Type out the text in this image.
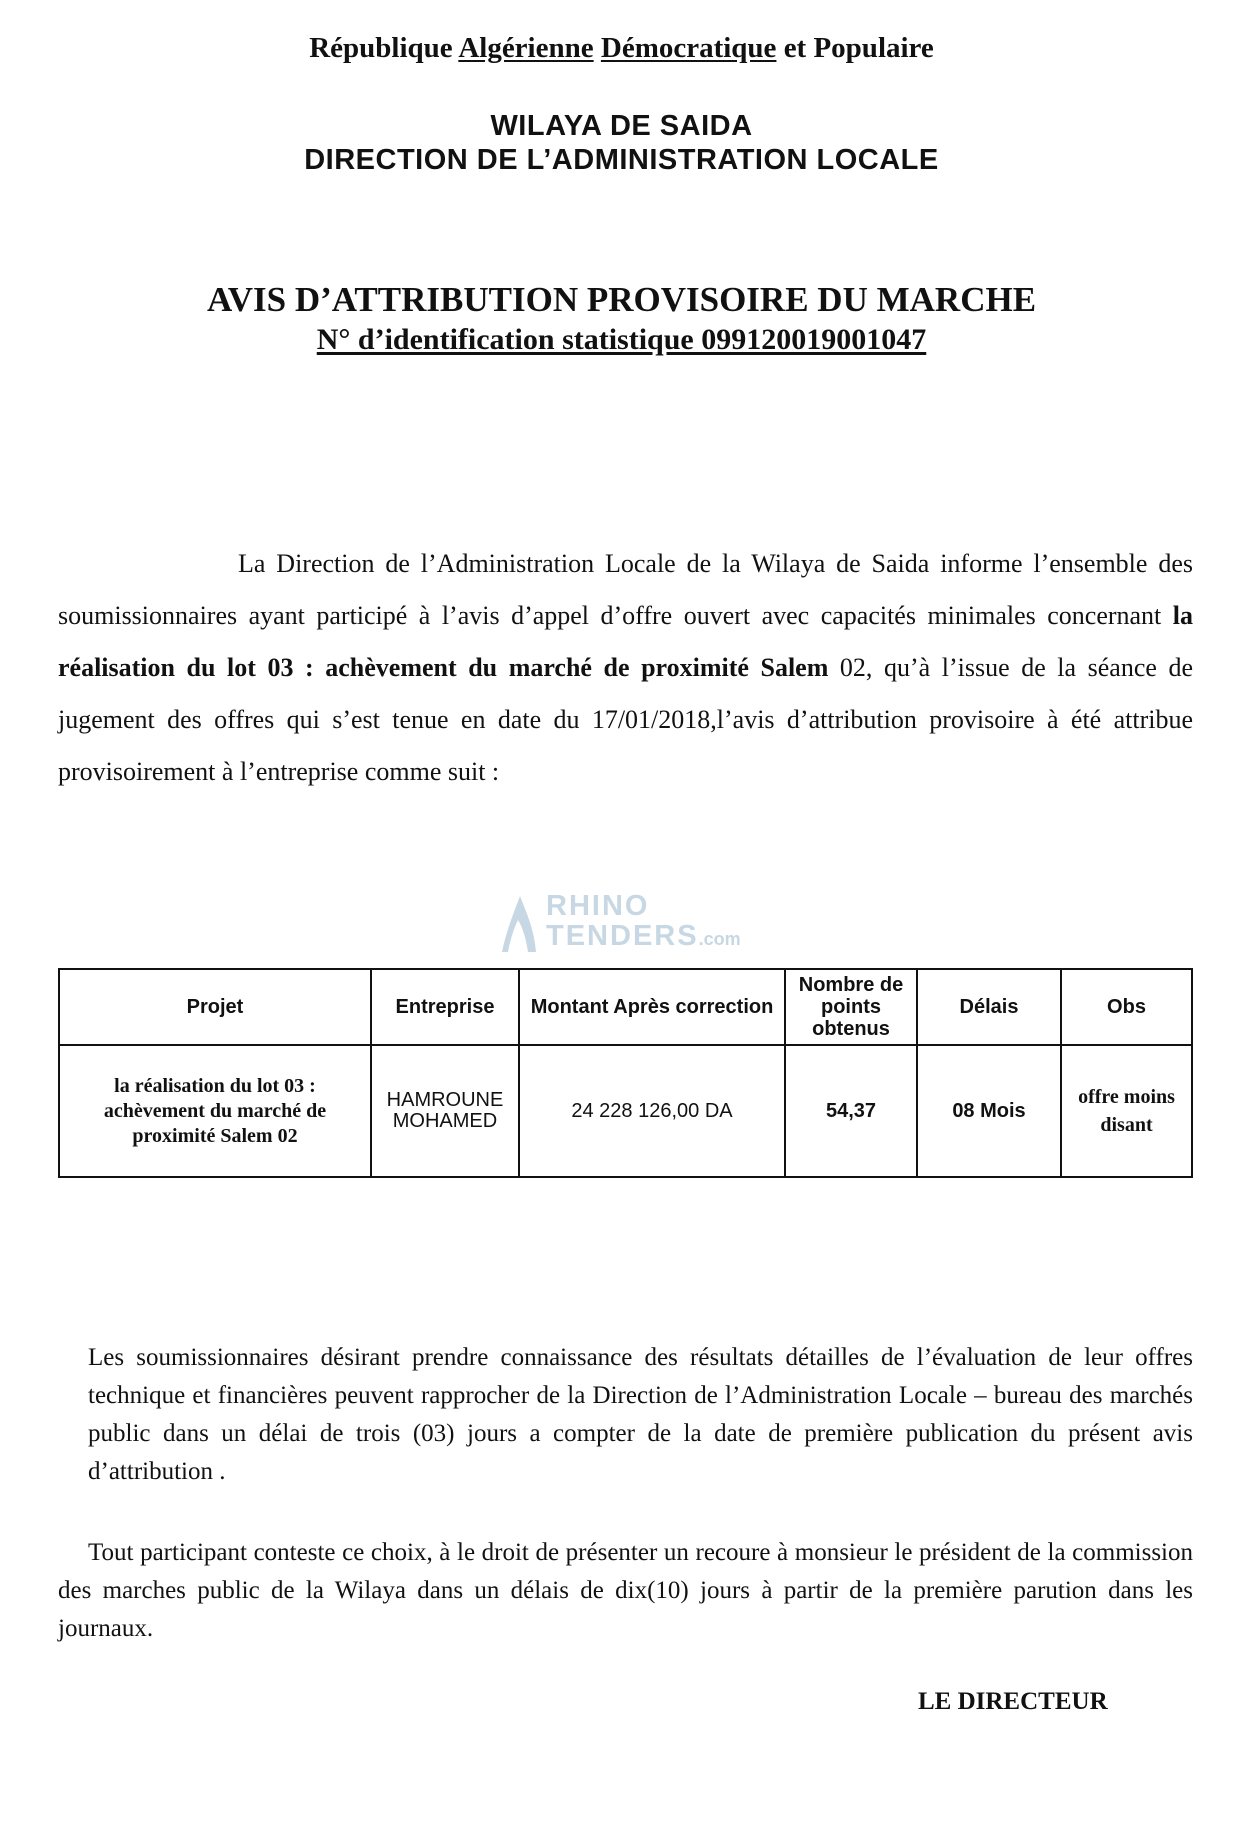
République Algérienne Démocratique et Populaire
WILAYA DE SAIDA
DIRECTION DE L’ADMINISTRATION LOCALE
AVIS D’ATTRIBUTION PROVISOIRE DU MARCHE
N° d’identification statistique 099120019001047
La Direction de l’Administration Locale de la Wilaya de Saida informe l’ensemble des soumissionnaires ayant participé à l’avis d’appel d’offre ouvert avec capacités minimales concernant la réalisation du lot 03 : achèvement du marché de proximité Salem 02, qu’à l’issue de la séance de jugement des offres qui s’est tenue en date du 17/01/2018,l’avis d’attribution provisoire à été attribue provisoirement à l’entreprise comme suit :
RHINO
TENDERS.com
Projet	Entreprise	Montant Après correction	Nombre de points obtenus	Délais	Obs
la réalisation du lot 03 : achèvement du marché de proximité Salem 02	HAMROUNE MOHAMED	24 228 126,00 DA	54,37	08 Mois	offre moins disant
Les soumissionnaires désirant prendre connaissance des résultats détailles de l’évaluation de leur offres technique et financières peuvent rapprocher de la Direction de l’Administration Locale – bureau des marchés public dans un délai de trois (03) jours a compter de la date de première publication du présent avis d’attribution .
Tout participant conteste ce choix, à le droit de présenter un recoure à monsieur le président de la commission des marches public de la Wilaya dans un délais de dix(10) jours à partir de la première parution dans les journaux.
LE DIRECTEUR
